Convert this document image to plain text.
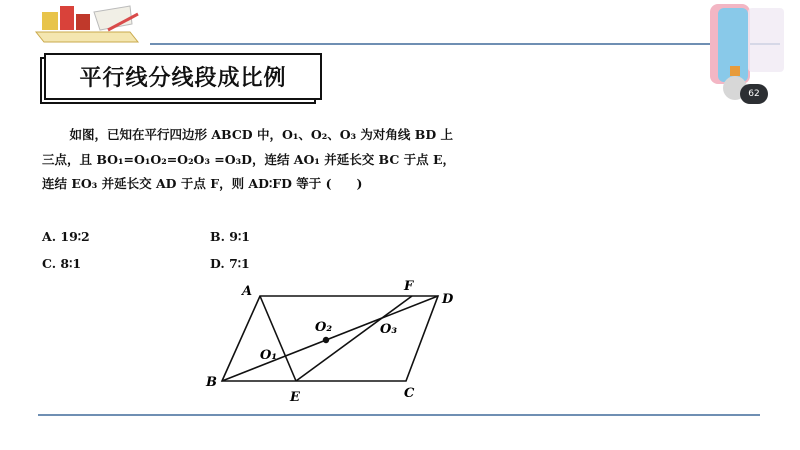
62
平行线分线段成比例

如图，已知在平行四边形 ABCD 中，O₁、O₂、O₃ 为对角线 BD 上三点，且 BO₁=O₁O₂=O₂O₃ =O₃D，连结 AO₁ 并延长交 BC 于点 E，连结 EO₃ 并延长交 AD 于点 F，则 AD∶FD 等于 (　　)

A. 19∶2	B. 9∶1
C. 8∶1	D. 7∶1
A	F
D
B
C
E
O₁
O₂	O₃
